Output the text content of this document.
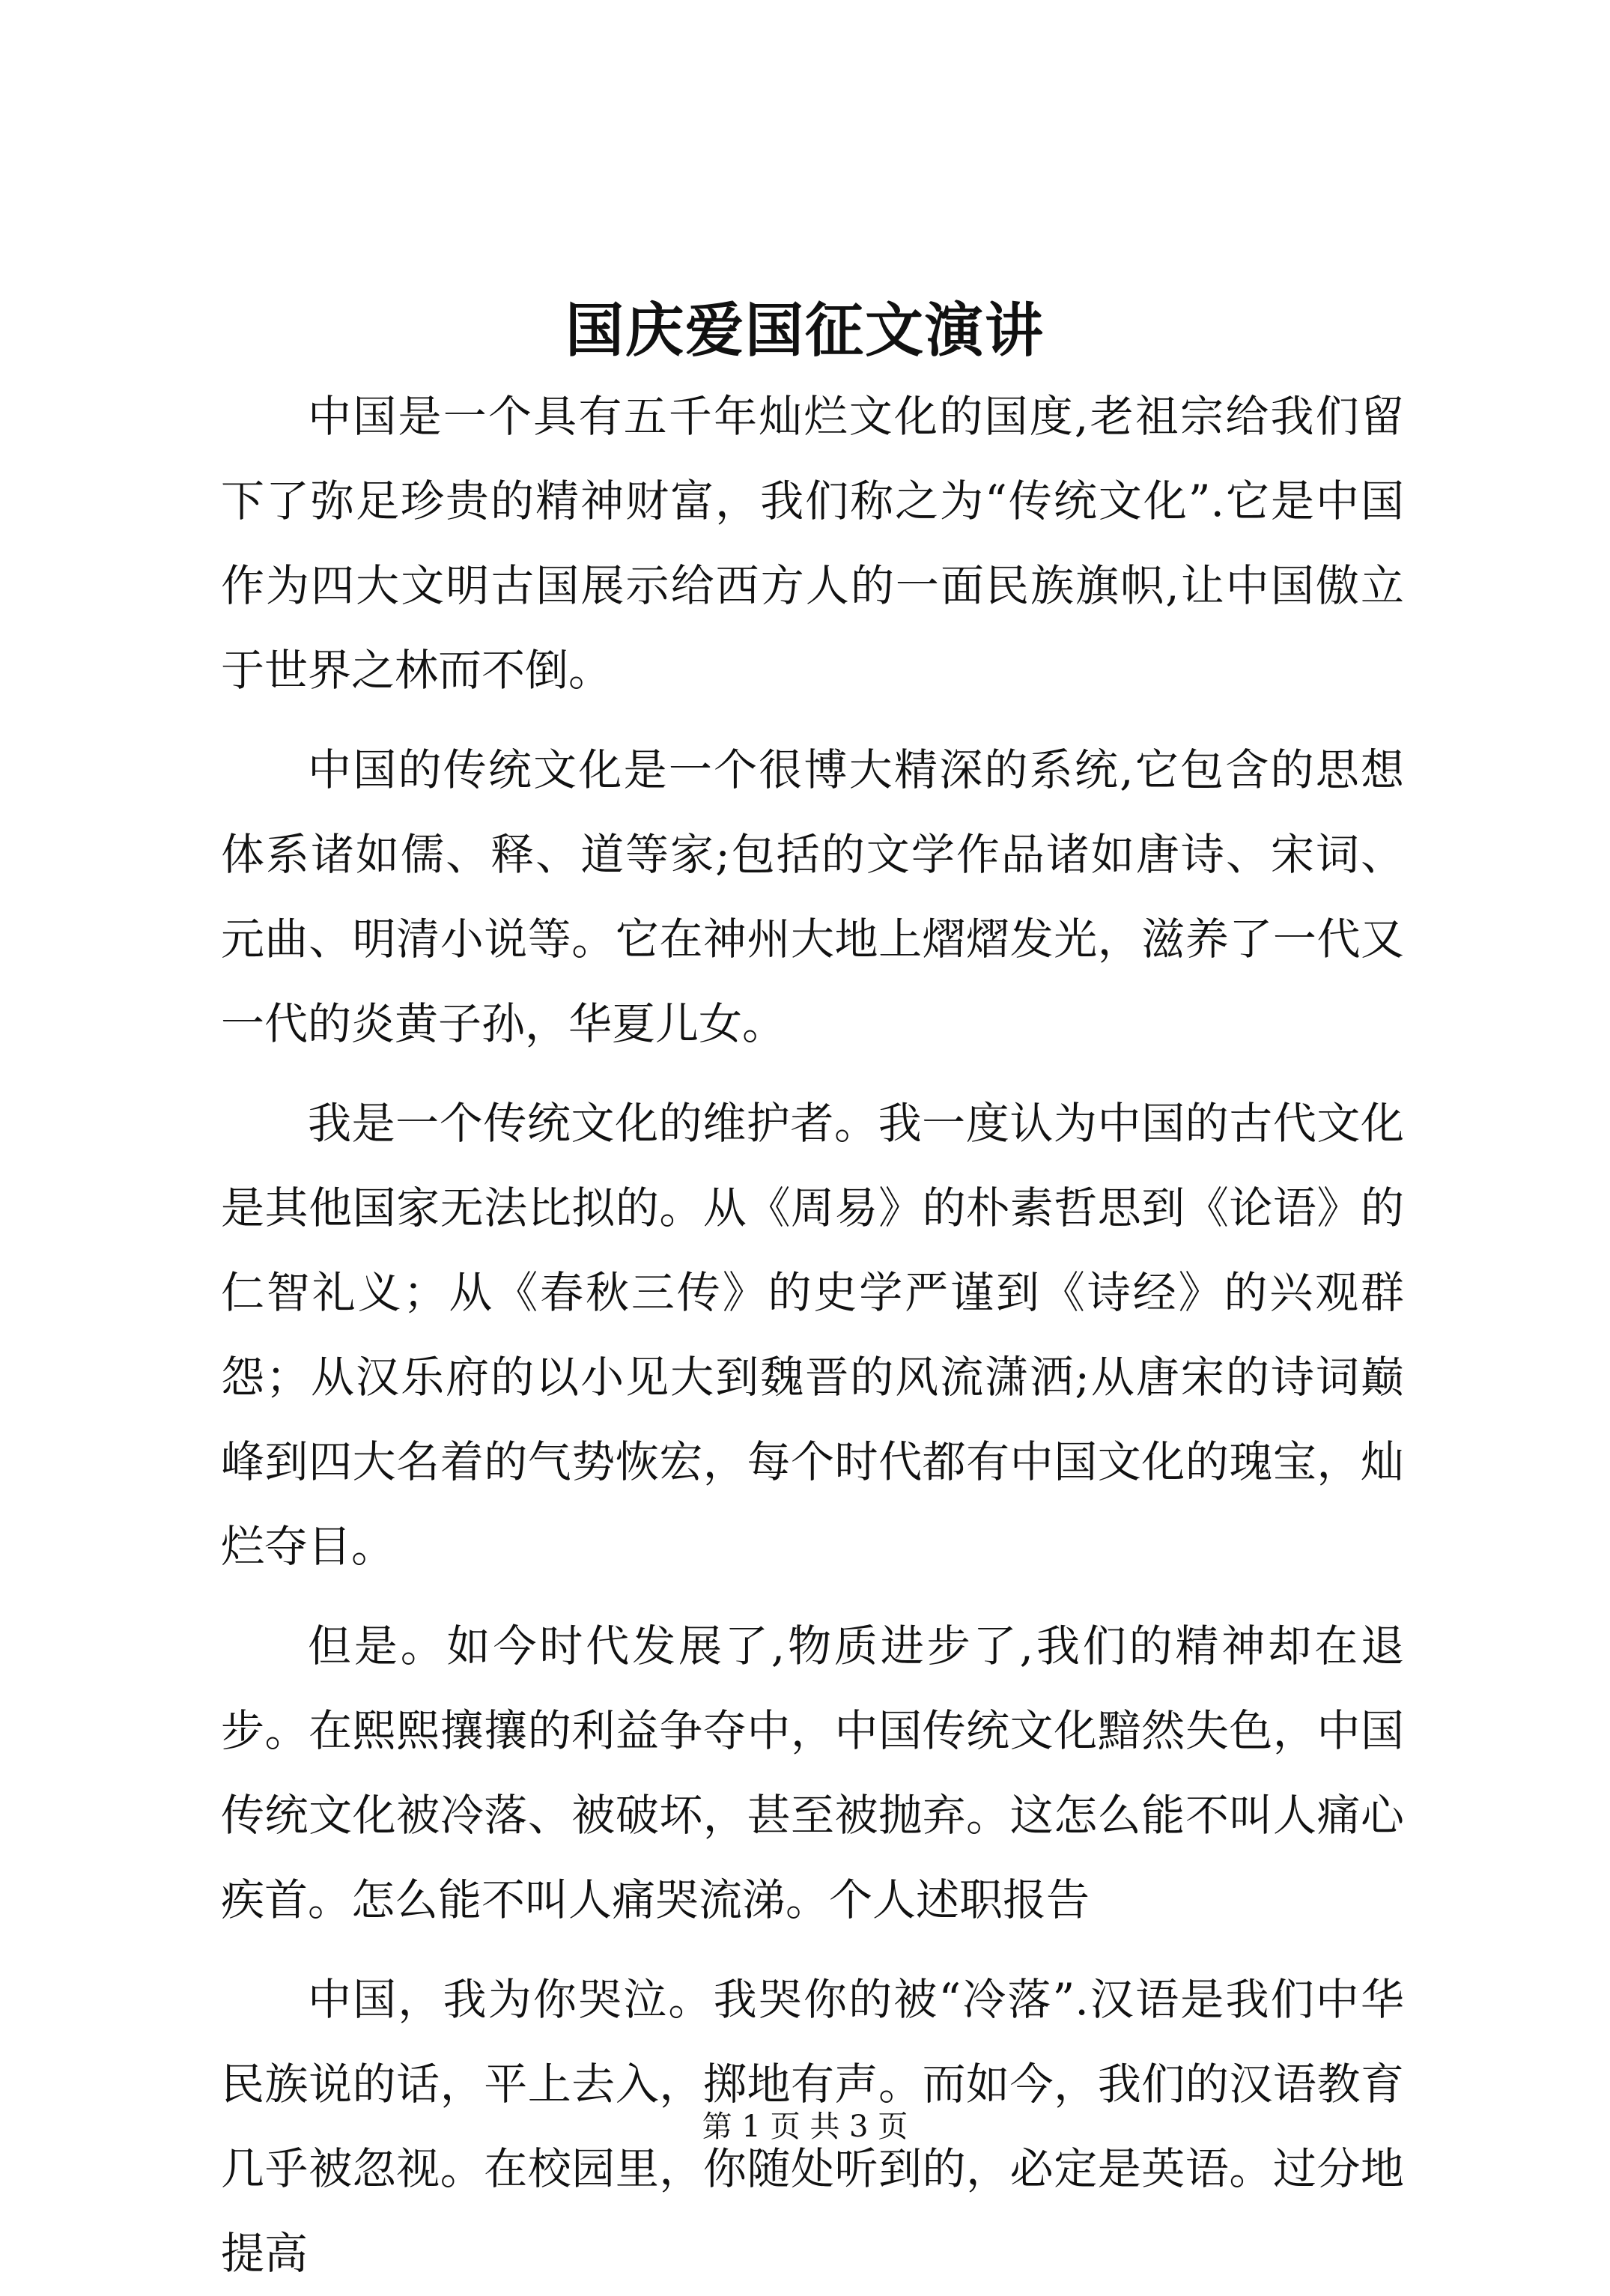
国庆爱国征文演讲

中国是一个具有五千年灿烂文化的国度,老祖宗给我们留下了弥足珍贵的精神财富，我们称之为“传统文化”.它是中国作为四大文明古国展示给西方人的一面民族旗帜,让中国傲立于世界之林而不倒。

中国的传统文化是一个很博大精深的系统,它包含的思想体系诸如儒、释、道等家;包括的文学作品诸如唐诗、宋词、元曲、明清小说等。它在神州大地上熠熠发光，滋养了一代又一代的炎黄子孙，华夏儿女。

我是一个传统文化的维护者。我一度认为中国的古代文化是其他国家无法比拟的。从《周易》的朴素哲思到《论语》的仁智礼义；从《春秋三传》的史学严谨到《诗经》的兴观群怨；从汉乐府的以小见大到魏晋的风流潇洒;从唐宋的诗词巅峰到四大名着的气势恢宏，每个时代都有中国文化的瑰宝，灿烂夺目。

但是。如今时代发展了,物质进步了,我们的精神却在退步。在熙熙攘攘的利益争夺中，中国传统文化黯然失色，中国传统文化被冷落、被破坏，甚至被抛弃。这怎么能不叫人痛心疾首。怎么能不叫人痛哭流涕。个人述职报告

中国，我为你哭泣。我哭你的被“冷落”.汉语是我们中华民族说的话，平上去入，掷地有声。而如今，我们的汉语教育几乎被忽视。在校园里，你随处听到的，必定是英语。过分地提高

第 1 页 共 3 页
